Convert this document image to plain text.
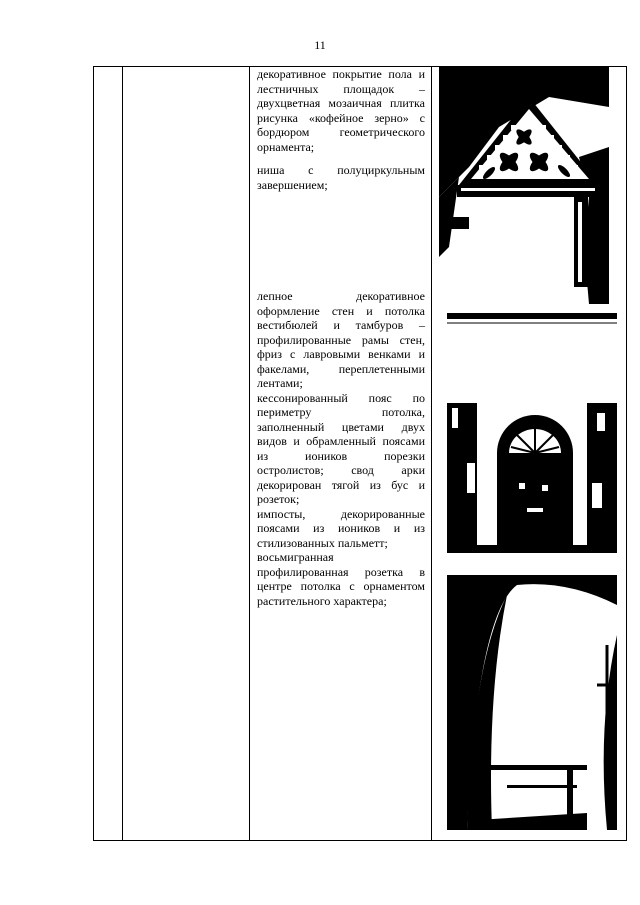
11

декоративное покрытие пола и лестничных площадок – двухцветная мозаичная плитка рисунка «кофейное зерно» с бордюром геометрического орнамента;

ниша с полуциркульным завершением;

лепное декоративное оформление стен и потолка вестибюлей и тамбуров – профилированные рамы стен, фриз с лавровыми венками и факелами, переплетенными лентами;

кессонированный пояс по периметру потолка, заполненный цветами двух видов и обрамленный поясами из иоников порезки остролистов; свод арки декорирован тягой из бус и розеток;

импосты, декорированные поясами из иоников и из стилизованных пальметт;

восьмигранная профилированная розетка в центре потолка с орнаментом растительного характера;
